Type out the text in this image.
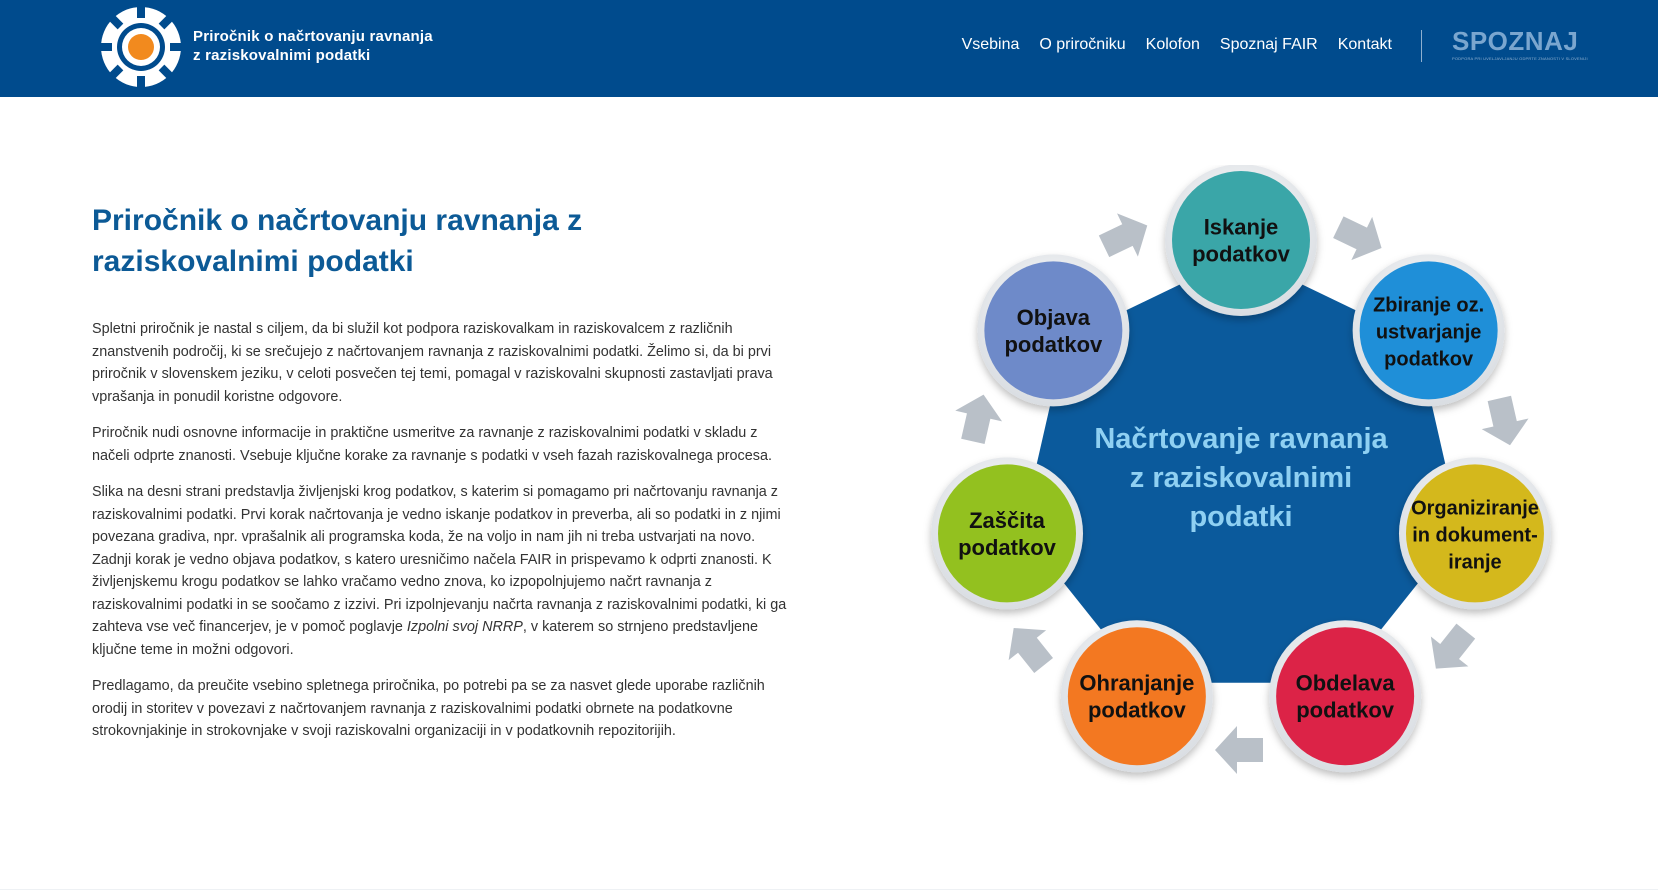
Priročnik o načrtovanju ravnanja
z raziskovalnimi podatki
Vsebina O priročniku Kolofon Spoznaj FAIR Kontakt SPOZNAJ
PODPORA PRI UVELJAVLJANJU ODPRTE ZNANOSTI V SLOVENIJI
Priročnik o načrtovanju ravnanja z
raziskovalnimi podatki

Spletni priročnik je nastal s ciljem, da bi služil kot podpora raziskovalkam in raziskovalcem z različnih znanstvenih področij, ki se srečujejo z načrtovanjem ravnanja z raziskovalnimi podatki. Želimo si, da bi prvi priročnik v slovenskem jeziku, v celoti posvečen tej temi, pomagal v raziskovalni skupnosti zastavljati prava vprašanja in ponudil koristne odgovore.

Priročnik nudi osnovne informacije in praktične usmeritve za ravnanje z raziskovalnimi podatki v skladu z načeli odprte znanosti. Vsebuje ključne korake za ravnanje s podatki v vseh fazah raziskovalnega procesa.

Slika na desni strani predstavlja življenjski krog podatkov, s katerim si pomagamo pri načrtovanju ravnanja z raziskovalnimi podatki. Prvi korak načrtovanja je vedno iskanje podatkov in preverba, ali so podatki in z njimi povezana gradiva, npr. vprašalnik ali programska koda, že na voljo in nam jih ni treba ustvarjati na novo. Zadnji korak je vedno objava podatkov, s katero uresničimo načela FAIR in prispevamo k odprti znanosti. K življenjskemu krogu podatkov se lahko vračamo vedno znova, ko izpopolnjujemo načrt ravnanja z raziskovalnimi podatki in se soočamo z izzivi. Pri izpolnjevanju načrta ravnanja z raziskovalnimi podatki, ki ga zahteva vse več financerjev, je v pomoč poglavje Izpolni svoj NRRP, v katerem so strnjeno predstavljene ključne teme in možni odgovori.

Predlagamo, da preučite vsebino spletnega priročnika, po potrebi pa se za nasvet glede uporabe različnih orodij in storitev v povezavi z načrtovanjem ravnanja z raziskovalnimi podatki obrnete na podatkovne strokovnjakinje in strokovnjake v svoji raziskovalni organizaciji in v podatkovnih repozitorijih.

Načrtovanje ravnanja
z raziskovalnimi
podatki
Iskanje
podatkov
Zbiranje oz.
ustvarjanje
podatkov
Organiziranje
in dokument-
iranje
Obdelava
podatkov
Ohranjanje
podatkov
Zaščita
podatkov
Objava
podatkov
